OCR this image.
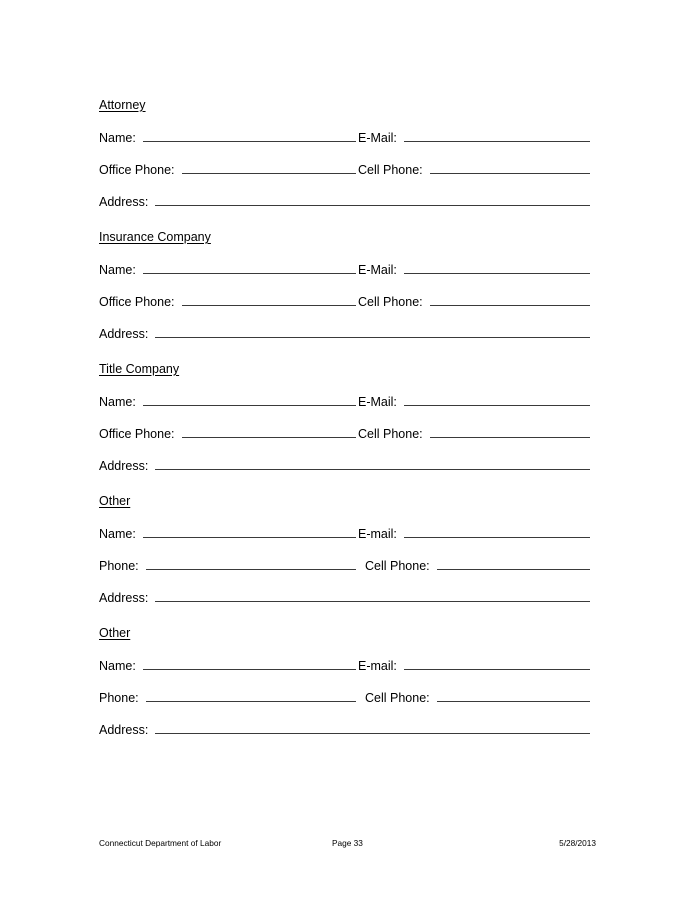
Attorney
Name:	E-Mail:
Office Phone:	Cell Phone:
Address:
Insurance Company
Name:	E-Mail:
Office Phone:	Cell Phone:
Address:
Title Company
Name:	E-Mail:
Office Phone:	Cell Phone:
Address:
Other
Name:	E-mail:
Phone:	Cell Phone:
Address:
Other
Name:	E-mail:
Phone:	Cell Phone:
Address:
Connecticut Department of Labor	Page 33	5/28/2013
